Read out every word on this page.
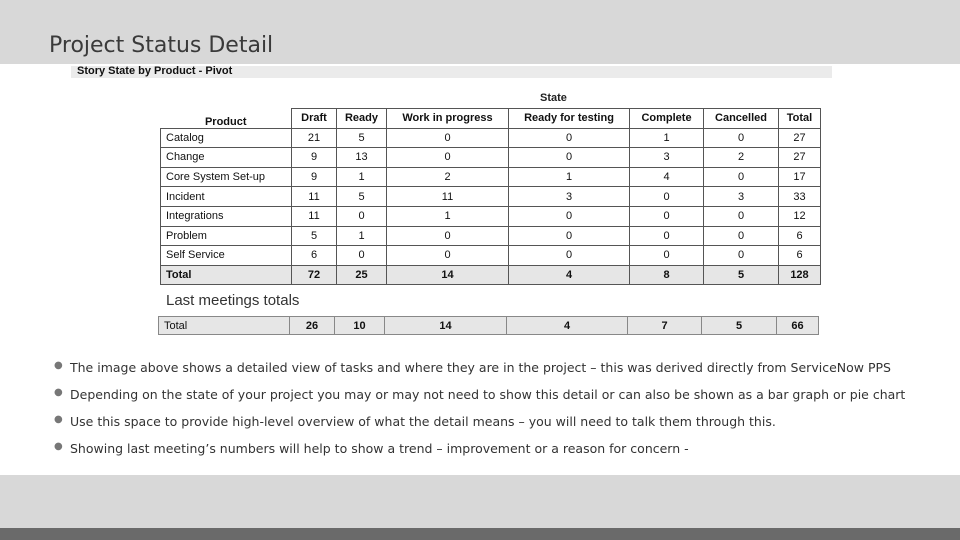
Project Status Detail
Story State by Product - Pivot
State
Product	Draft	Ready	Work in progress	Ready for testing	Complete	Cancelled	Total
Catalog	21	5	0	0	1	0	27
Change	9	13	0	0	3	2	27
Core System Set-up	9	1	2	1	4	0	17
Incident	11	5	11	3	0	3	33
Integrations	11	0	1	0	0	0	12
Problem	5	1	0	0	0	0	6
Self Service	6	0	0	0	0	0	6
Total	72	25	14	4	8	5	128
Last meetings totals
Total	26	10	14	4	7	5	66
● The image above shows a detailed view of tasks and where they are in the project – this was derived directly from ServiceNow PPS
● Depending on the state of your project you may or may not need to show this detail or can also be shown as a bar graph or pie chart
● Use this space to provide high-level overview of what the detail means – you will need to talk them through this.
● Showing last meeting’s numbers will help to show a trend – improvement or a reason for concern -
